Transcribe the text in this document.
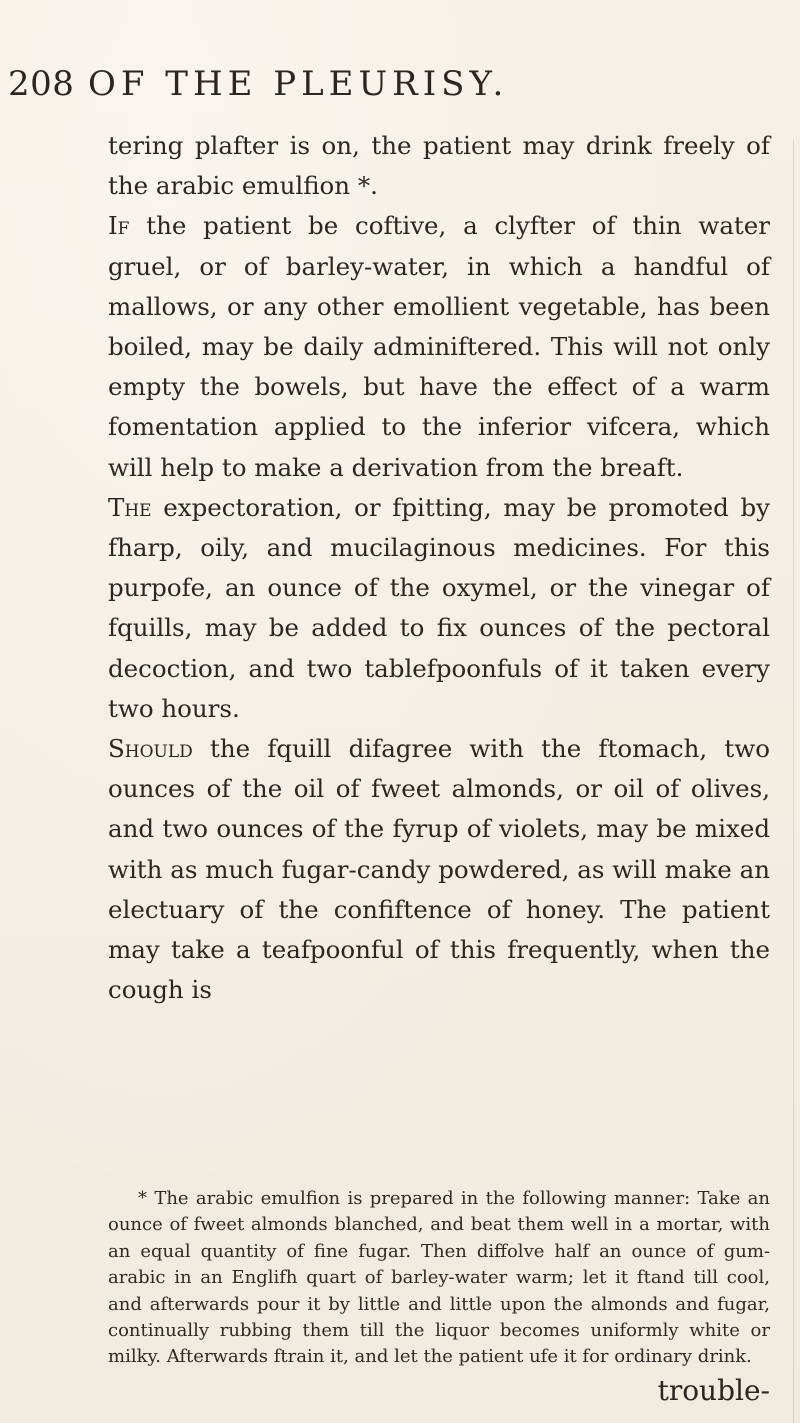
208 OF THE PLEURISY.

tering plafter is on, the patient may drink freely of the arabic emulfion *.

If the patient be coftive, a clyfter of thin water gruel, or of barley-water, in which a handful of mallows, or any other emollient vegetable, has been boiled, may be daily adminiftered. This will not only empty the bowels, but have the effect of a warm fomentation applied to the inferior vifcera, which will help to make a derivation from the breaft.

The expectoration, or fpitting, may be promoted by fharp, oily, and mucilaginous medicines. For this purpofe, an ounce of the oxymel, or the vinegar of fquills, may be added to fix ounces of the pectoral decoction, and two tablefpoonfuls of it taken every two hours.

Should the fquill difagree with the ftomach, two ounces of the oil of fweet almonds, or oil of olives, and two ounces of the fyrup of violets, may be mixed with as much fugar-candy powdered, as will make an electuary of the confiftence of honey. The patient may take a teafpoonful of this frequently, when the cough is

* The arabic emulfion is prepared in the following manner: Take an ounce of fweet almonds blanched, and beat them well in a mortar, with an equal quantity of fine fugar. Then diffolve half an ounce of gum-arabic in an Englifh quart of barley-water warm; let it ftand till cool, and afterwards pour it by little and little upon the almonds and fugar, continually rubbing them till the liquor becomes uniformly white or milky. Afterwards ftrain it, and let the patient ufe it for ordinary drink.

trouble-
